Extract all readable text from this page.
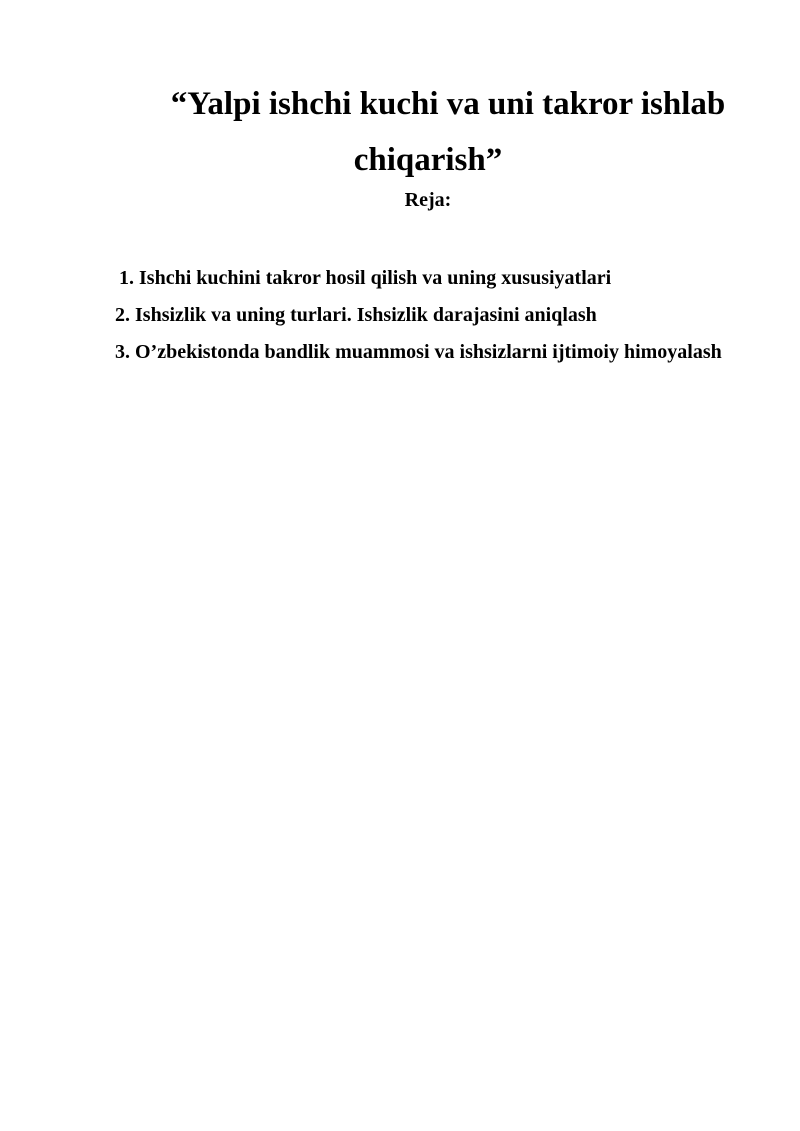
“Yalpi ishchi kuchi va uni takror ishlab
chiqarish”

Reja:

1. Ishchi kuchini takror hosil qilish va uning xususiyatlari
2. Ishsizlik va uning turlari. Ishsizlik darajasini aniqlash
3. O’zbekistonda bandlik muammosi va ishsizlarni ijtimoiy himoyalash
